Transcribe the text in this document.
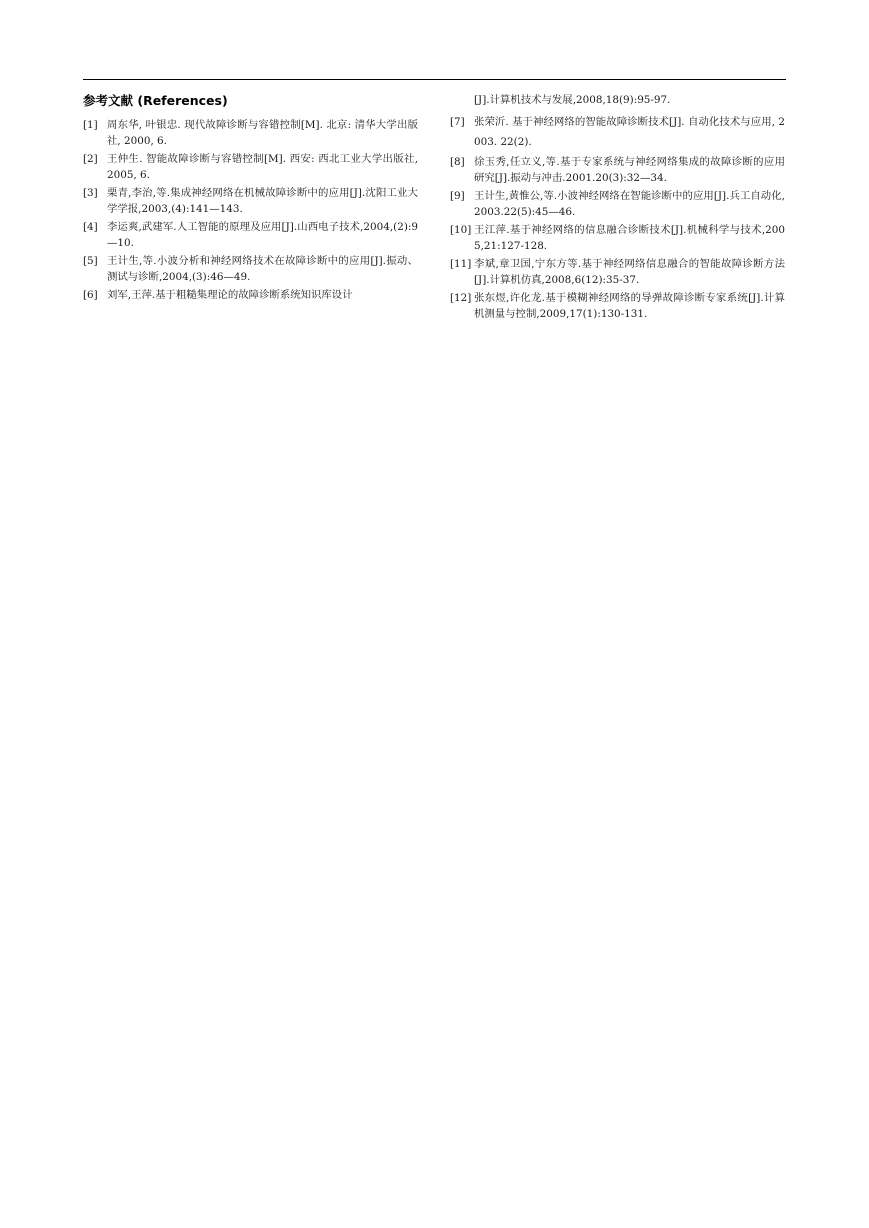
参考文献 (References)
[1] 周东华, 叶银忠. 现代故障诊断与容错控制[M]. 北京: 清华大学出版社, 2000, 6.
[2] 王仲生. 智能故障诊断与容错控制[M]. 西安: 西北工业大学出版社, 2005, 6.
[3] 栗青,李治,等.集成神经网络在机械故障诊断中的应用[J].沈阳工业大学学报,2003,(4):141—143.
[4] 李运爽,武建军.人工智能的原理及应用[J].山西电子技术,2004,(2):9—10.
[5] 王计生,等.小波分析和神经网络技术在故障诊断中的应用[J].振动、测试与诊断,2004,(3):46—49.
[6] 刘军,王萍.基于粗糙集理论的故障诊断系统知识库设计
[J].计算机技术与发展,2008,18(9):95-97.
[7] 张荣沂. 基于神经网络的智能故障诊断技术[J]. 自动化技术与应用, 2003. 22(2).
[8] 徐玉秀,任立义,等.基于专家系统与神经网络集成的故障诊断的应用研究[J].振动与冲击.2001.20(3):32—34.
[9] 王计生,黄惟公,等.小波神经网络在智能诊断中的应用[J].兵工自动化,2003.22(5):45—46.
[10] 王江萍.基于神经网络的信息融合诊断技术[J].机械科学与技术,2005,21:127-128.
[11] 李斌,章卫国,宁东方等.基于神经网络信息融合的智能故障诊断方法[J].计算机仿真,2008,6(12):35-37.
[12] 张东煜,许化龙.基于模糊神经网络的导弹故障诊断专家系统[J].计算机测量与控制,2009,17(1):130-131.
